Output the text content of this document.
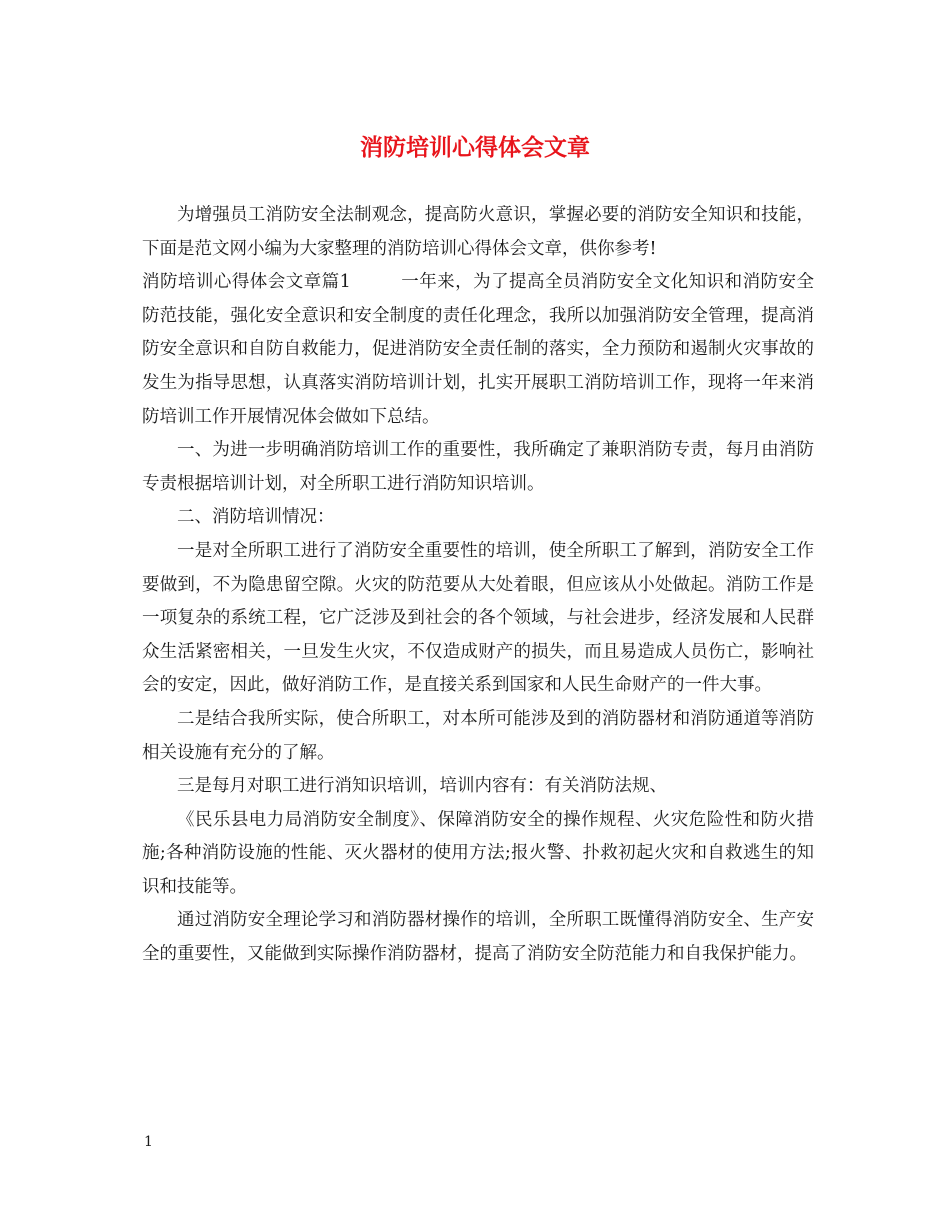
消防培训心得体会文章

为增强员工消防安全法制观念，提高防火意识，掌握必要的消防安全知识和技能，下面是范文网小编为大家整理的消防培训心得体会文章，供你参考!

消防培训心得体会文章篇1	一年来，为了提高全员消防安全文化知识和消防安全防范技能，强化安全意识和安全制度的责任化理念，我所以加强消防安全管理，提高消防安全意识和自防自救能力，促进消防安全责任制的落实，全力预防和遏制火灾事故的发生为指导思想，认真落实消防培训计划，扎实开展职工消防培训工作，现将一年来消防培训工作开展情况体会做如下总结。

一、为进一步明确消防培训工作的重要性，我所确定了兼职消防专责，每月由消防专责根据培训计划，对全所职工进行消防知识培训。

二、消防培训情况：

一是对全所职工进行了消防安全重要性的培训，使全所职工了解到，消防安全工作要做到，不为隐患留空隙。火灾的防范要从大处着眼，但应该从小处做起。消防工作是一项复杂的系统工程，它广泛涉及到社会的各个领域，与社会进步，经济发展和人民群众生活紧密相关，一旦发生火灾，不仅造成财产的损失，而且易造成人员伤亡，影响社会的安定，因此，做好消防工作，是直接关系到国家和人民生命财产的一件大事。

二是结合我所实际，使合所职工，对本所可能涉及到的消防器材和消防通道等消防相关设施有充分的了解。

三是每月对职工进行消知识培训，培训内容有：有关消防法规、

《民乐县电力局消防安全制度》、保障消防安全的操作规程、火灾危险性和防火措施;各种消防设施的性能、灭火器材的使用方法;报火警、扑救初起火灾和自救逃生的知识和技能等。

通过消防安全理论学习和消防器材操作的培训，全所职工既懂得消防安全、生产安全的重要性，又能做到实际操作消防器材，提高了消防安全防范能力和自我保护能力。

1
